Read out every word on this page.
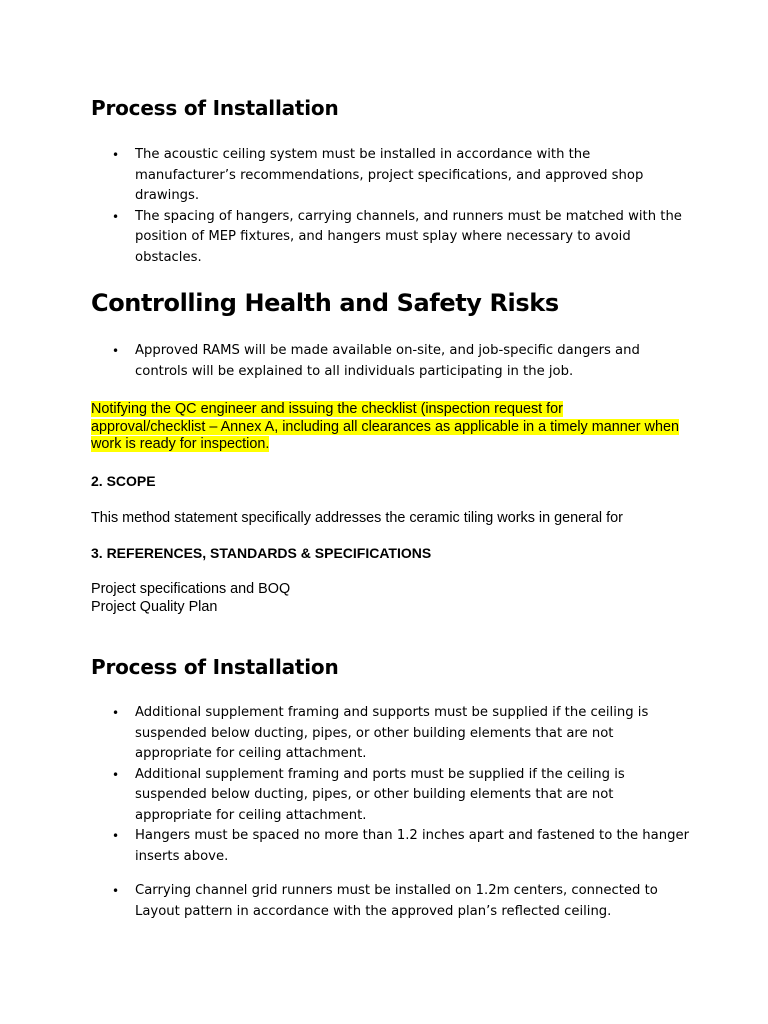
Process of Installation
• The acoustic ceiling system must be installed in accordance with the manufacturer’s recommendations, project specifications, and approved shop drawings.
• The spacing of hangers, carrying channels, and runners must be matched with the position of MEP fixtures, and hangers must splay where necessary to avoid obstacles.
Controlling Health and Safety Risks
• Approved RAMS will be made available on-site, and job-specific dangers and controls will be explained to all individuals participating in the job.

Notifying the QC engineer and issuing the checklist (inspection request for approval/checklist – Annex A, including all clearances as applicable in a timely manner when work is ready for inspection.

2. SCOPE

This method statement specifically addresses the ceramic tiling works in general for

3. REFERENCES, STANDARDS & SPECIFICATIONS

Project specifications and BOQ

Project Quality Plan

Process of Installation
• Additional supplement framing and supports must be supplied if the ceiling is suspended below ducting, pipes, or other building elements that are not appropriate for ceiling attachment.
• Additional supplement framing and ports must be supplied if the ceiling is suspended below ducting, pipes, or other building elements that are not appropriate for ceiling attachment.
• Hangers must be spaced no more than 1.2 inches apart and fastened to the hanger inserts above.
• Carrying channel grid runners must be installed on 1.2m centers, connected to Layout pattern in accordance with the approved plan’s reflected ceiling.
